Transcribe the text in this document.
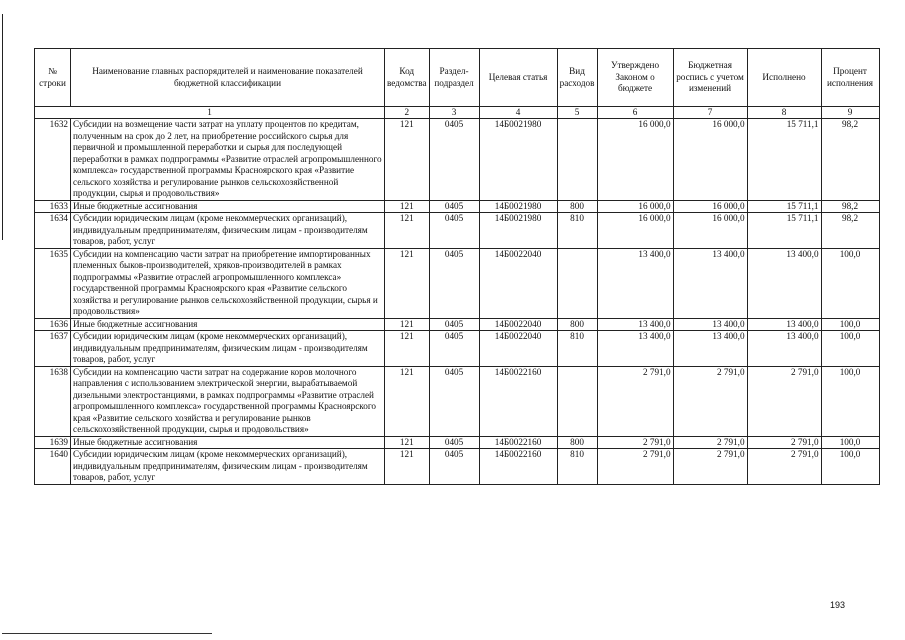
№ строки	Наименование главных распорядителей и наименование показателей бюджетной классификации	Код ведомства	Раздел-подраздел	Целевая статья	Вид расходов	Утверждено Законом о бюджете	Бюджетная роспись с учетом изменений	Исполнено	Процент исполнения
1		2	3	4	5	6	7	8	9
1632	Субсидии на возмещение части затрат на уплату процентов по кредитам, полученным на срок до 2 лет, на приобретение российского сырья для первичной и промышленной переработки и сырья для последующей переработки в рамках подпрограммы «Развитие отраслей агропромышленного комплекса» государственной программы Красноярского края «Развитие сельского хозяйства и регулирование рынков сельскохозяйственной продукции, сырья и продовольствия»	121	0405	14Б0021980		16 000,0	16 000,0	15 711,1	98,2
1633	Иные бюджетные ассигнования	121	0405	14Б0021980	800	16 000,0	16 000,0	15 711,1	98,2
1634	Субсидии юридическим лицам (кроме некоммерческих организаций), индивидуальным предпринимателям, физическим лицам - производителям товаров, работ, услуг	121	0405	14Б0021980	810	16 000,0	16 000,0	15 711,1	98,2
1635	Субсидии на компенсацию части затрат на приобретение импортированных племенных быков-производителей, хряков-производителей в рамках подпрограммы «Развитие отраслей агропромышленного комплекса» государственной программы Красноярского края «Развитие сельского хозяйства и регулирование рынков сельскохозяйственной продукции, сырья и продовольствия»	121	0405	14Б0022040		13 400,0	13 400,0	13 400,0	100,0
1636	Иные бюджетные ассигнования	121	0405	14Б0022040	800	13 400,0	13 400,0	13 400,0	100,0
1637	Субсидии юридическим лицам (кроме некоммерческих организаций), индивидуальным предпринимателям, физическим лицам - производителям товаров, работ, услуг	121	0405	14Б0022040	810	13 400,0	13 400,0	13 400,0	100,0
1638	Субсидии на компенсацию части затрат на содержание коров молочного направления с использованием электрической энергии, вырабатываемой дизельными электростанциями, в рамках подпрограммы «Развитие отраслей агропромышленного комплекса» государственной программы Красноярского края «Развитие сельского хозяйства и регулирование рынков сельскохозяйственной продукции, сырья и продовольствия»	121	0405	14Б0022160		2 791,0	2 791,0	2 791,0	100,0
1639	Иные бюджетные ассигнования	121	0405	14Б0022160	800	2 791,0	2 791,0	2 791,0	100,0
1640	Субсидии юридическим лицам (кроме некоммерческих организаций), индивидуальным предпринимателям, физическим лицам - производителям товаров, работ, услуг	121	0405	14Б0022160	810	2 791,0	2 791,0	2 791,0	100,0
193
